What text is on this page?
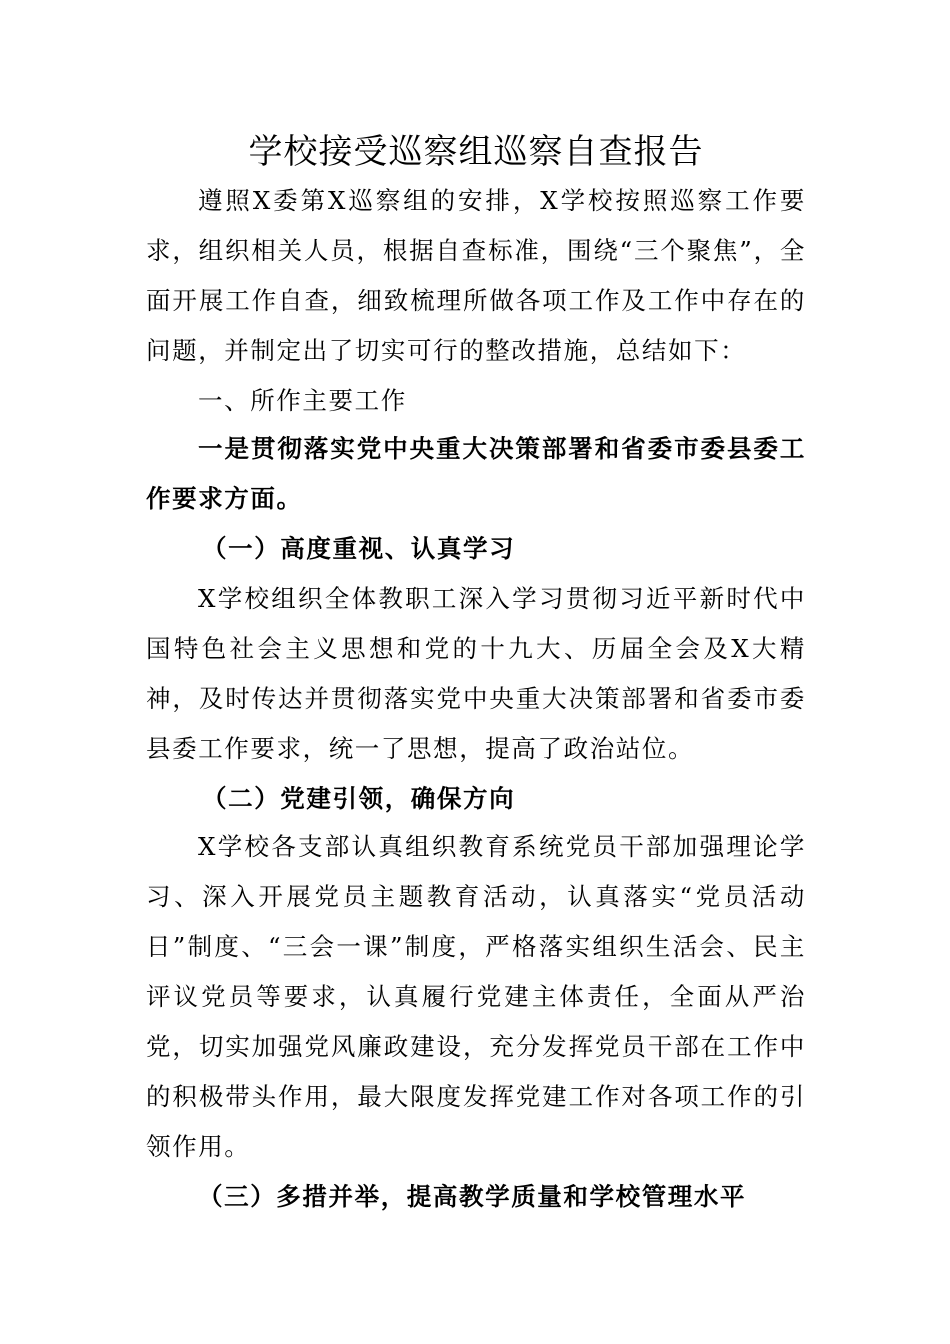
学校接受巡察组巡察自查报告

遵照X委第X巡察组的安排，X学校按照巡察工作要求，组织相关人员，根据自查标准，围绕“三个聚焦”，全面开展工作自查，细致梳理所做各项工作及工作中存在的问题，并制定出了切实可行的整改措施，总结如下：

一、所作主要工作

一是贯彻落实党中央重大决策部署和省委市委县委工作要求方面。

（一）高度重视、认真学习

X学校组织全体教职工深入学习贯彻习近平新时代中国特色社会主义思想和党的十九大、历届全会及X大精神，及时传达并贯彻落实党中央重大决策部署和省委市委县委工作要求，统一了思想，提高了政治站位。

（二）党建引领，确保方向

X学校各支部认真组织教育系统党员干部加强理论学习、深入开展党员主题教育活动，认真落实“党员活动日”制度、“三会一课”制度，严格落实组织生活会、民主评议党员等要求，认真履行党建主体责任，全面从严治党，切实加强党风廉政建设，充分发挥党员干部在工作中的积极带头作用，最大限度发挥党建工作对各项工作的引领作用。

（三）多措并举，提高教学质量和学校管理水平
